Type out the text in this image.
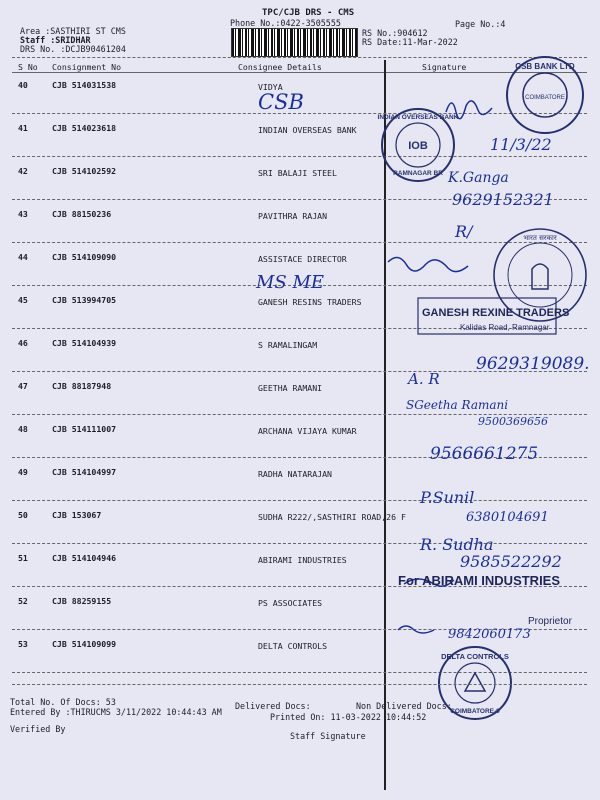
TPC/CJB DRS - CMS
Phone No.:0422-3505555
Area :SASTHIRI ST CMS
Staff :SRIDHAR
DRS No. :DCJB90461204
RS No.:904612
RS Date:11-Mar-2022
Page No.:4
S No Consignment No	Consignee Details	Signature
40	CJB 514031538	VIDYA
41	CJB 514023618	INDIAN OVERSEAS BANK
42	CJB 514102592	SRI BALAJI STEEL
43	CJB 88150236	PAVITHRA RAJAN
44	CJB 514109090	ASSISTACE DIRECTOR
45	CJB 513994705	GANESH RESINS TRADERS
46	CJB 514104939	S RAMALINGAM
47	CJB 88187948	GEETHA RAMANI
48	CJB 514111007	ARCHANA VIJAYA KUMAR
49	CJB 514104997	RADHA NATARAJAN
50	CJB 153067	SUDHA R222/,SASTHIRI ROAD,26 F
51	CJB 514104946	ABIRAMI INDUSTRIES
52	CJB 88259155	PS ASSOCIATES
53	CJB 514109099	DELTA CONTROLS
CSB
11/3/22
K.Ganga
9629152321
R/
MS ME
9629319089.
A. R
SGeetha Ramani
9500369656
9566661275
P.Sunil
6380104691
R. Sudha
9585522292
9842060173
CSB BANK LTD
COIMBATORE
INDIAN OVERSEAS BANK
IOB
RAMNAGAR BR
भारत सरकार
GANESH REXINE TRADERS
Kalidas Road, Ramnagar
For ABIRAMI INDUSTRIES
Proprietor
DELTA CONTROLS
COIMBATORE-9
Total No. Of Docs: 53	Delivered Docs:	Non Delivered Docs:
Entered By :THIRUCMS 3/11/2022 10:44:43 AM	Printed On: 11-03-2022 10:44:52
Verified By
Staff Signature
